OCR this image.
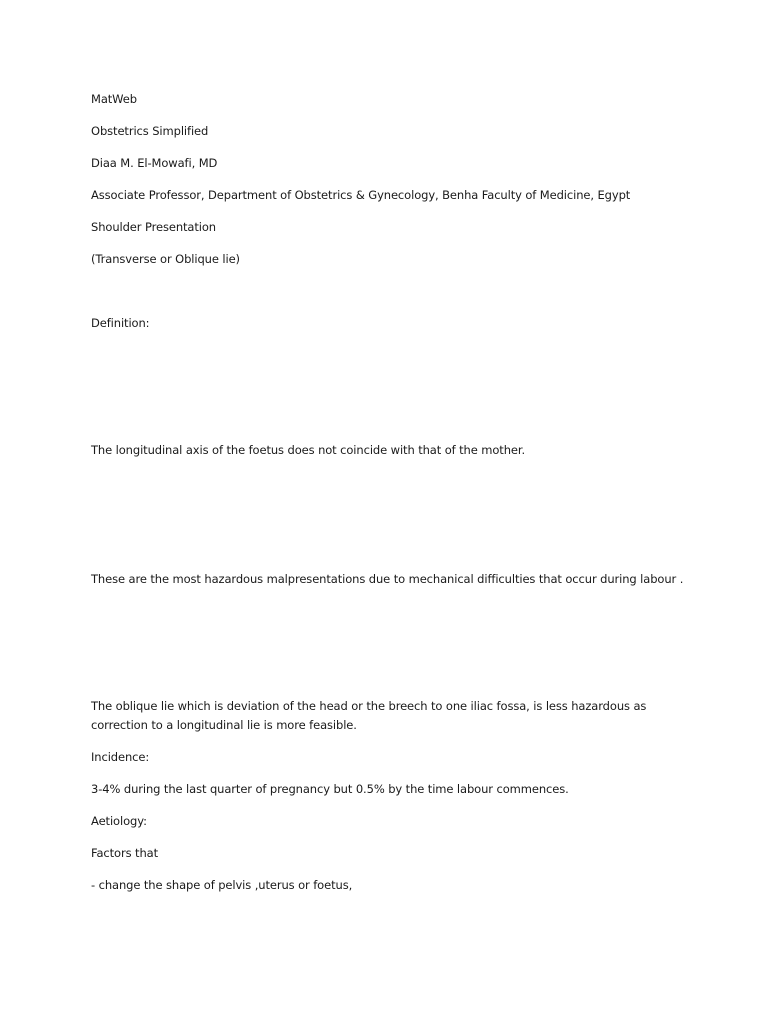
MatWeb
Obstetrics Simplified
Diaa M. El-Mowafi, MD
Associate Professor, Department of Obstetrics & Gynecology, Benha Faculty of Medicine, Egypt
Shoulder Presentation
(Transverse or Oblique lie)
Definition:
The longitudinal axis of the foetus does not coincide with that of the mother.
These are the most hazardous malpresentations due to mechanical difficulties that occur during labour .
The oblique lie which is deviation of the head or the breech to one iliac fossa, is less hazardous as correction to a longitudinal lie is more feasible.
Incidence:
3-4% during the last quarter of pregnancy but 0.5% by the time labour commences.
Aetiology:
Factors that
- change the shape of pelvis ,uterus or foetus,
